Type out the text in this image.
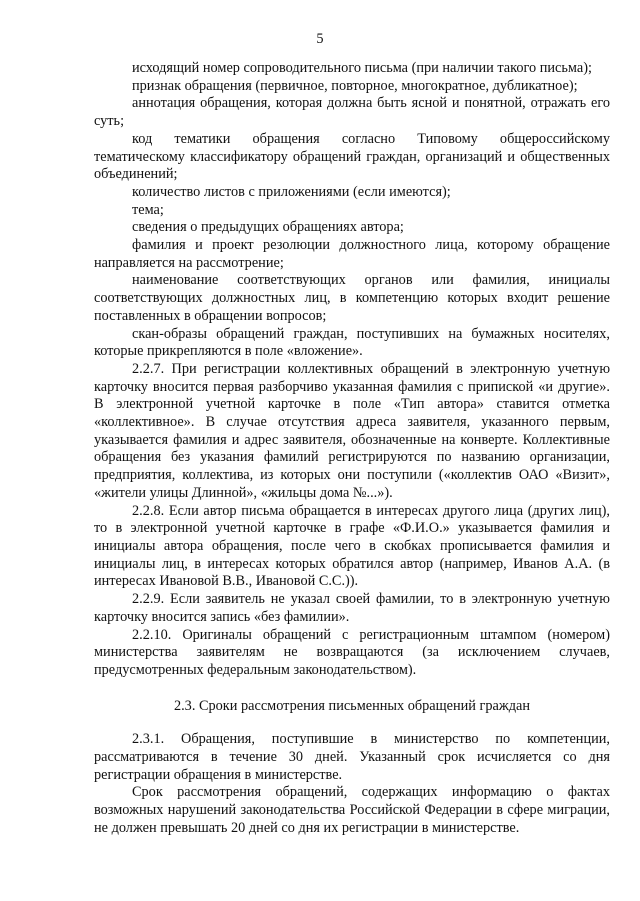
5

исходящий номер сопроводительного письма (при наличии такого письма);

признак обращения (первичное, повторное, многократное, дубликатное);

аннотация обращения, которая должна быть ясной и понятной, отражать его суть;

код тематики обращения согласно Типовому общероссийскому тематическому классификатору обращений граждан, организаций и общественных объединений;

количество листов с приложениями (если имеются);

тема;

сведения о предыдущих обращениях автора;

фамилия и проект резолюции должностного лица, которому обращение направляется на рассмотрение;

наименование соответствующих органов или фамилия, инициалы соответствующих должностных лиц, в компетенцию которых входит решение поставленных в обращении вопросов;

скан-образы обращений граждан, поступивших на бумажных носителях, которые прикрепляются в поле «вложение».

2.2.7. При регистрации коллективных обращений в электронную учетную карточку вносится первая разборчиво указанная фамилия с припиской «и другие». В электронной учетной карточке в поле «Тип автора» ставится отметка «коллективное». В случае отсутствия адреса заявителя, указанного первым, указывается фамилия и адрес заявителя, обозначенные на конверте. Коллективные обращения без указания фамилий регистрируются по названию организации, предприятия, коллектива, из которых они поступили («коллектив ОАО «Визит», «жители улицы Длинной», «жильцы дома №...»).

2.2.8. Если автор письма обращается в интересах другого лица (других лиц), то в электронной учетной карточке в графе «Ф.И.О.» указывается фамилия и инициалы автора обращения, после чего в скобках прописывается фамилия и инициалы лиц, в интересах которых обратился автор (например, Иванов А.А. (в интересах Ивановой В.В., Ивановой С.С.)).

2.2.9. Если заявитель не указал своей фамилии, то в электронную учетную карточку вносится запись «без фамилии».

2.2.10. Оригиналы обращений с регистрационным штампом (номером) министерства заявителям не возвращаются (за исключением случаев, предусмотренных федеральным законодательством).

2.3. Сроки рассмотрения письменных обращений граждан

2.3.1. Обращения, поступившие в министерство по компетенции, рассматриваются в течение 30 дней. Указанный срок исчисляется со дня регистрации обращения в министерстве.

Срок рассмотрения обращений, содержащих информацию о фактах возможных нарушений законодательства Российской Федерации в сфере миграции, не должен превышать 20 дней со дня их регистрации в министерстве.
